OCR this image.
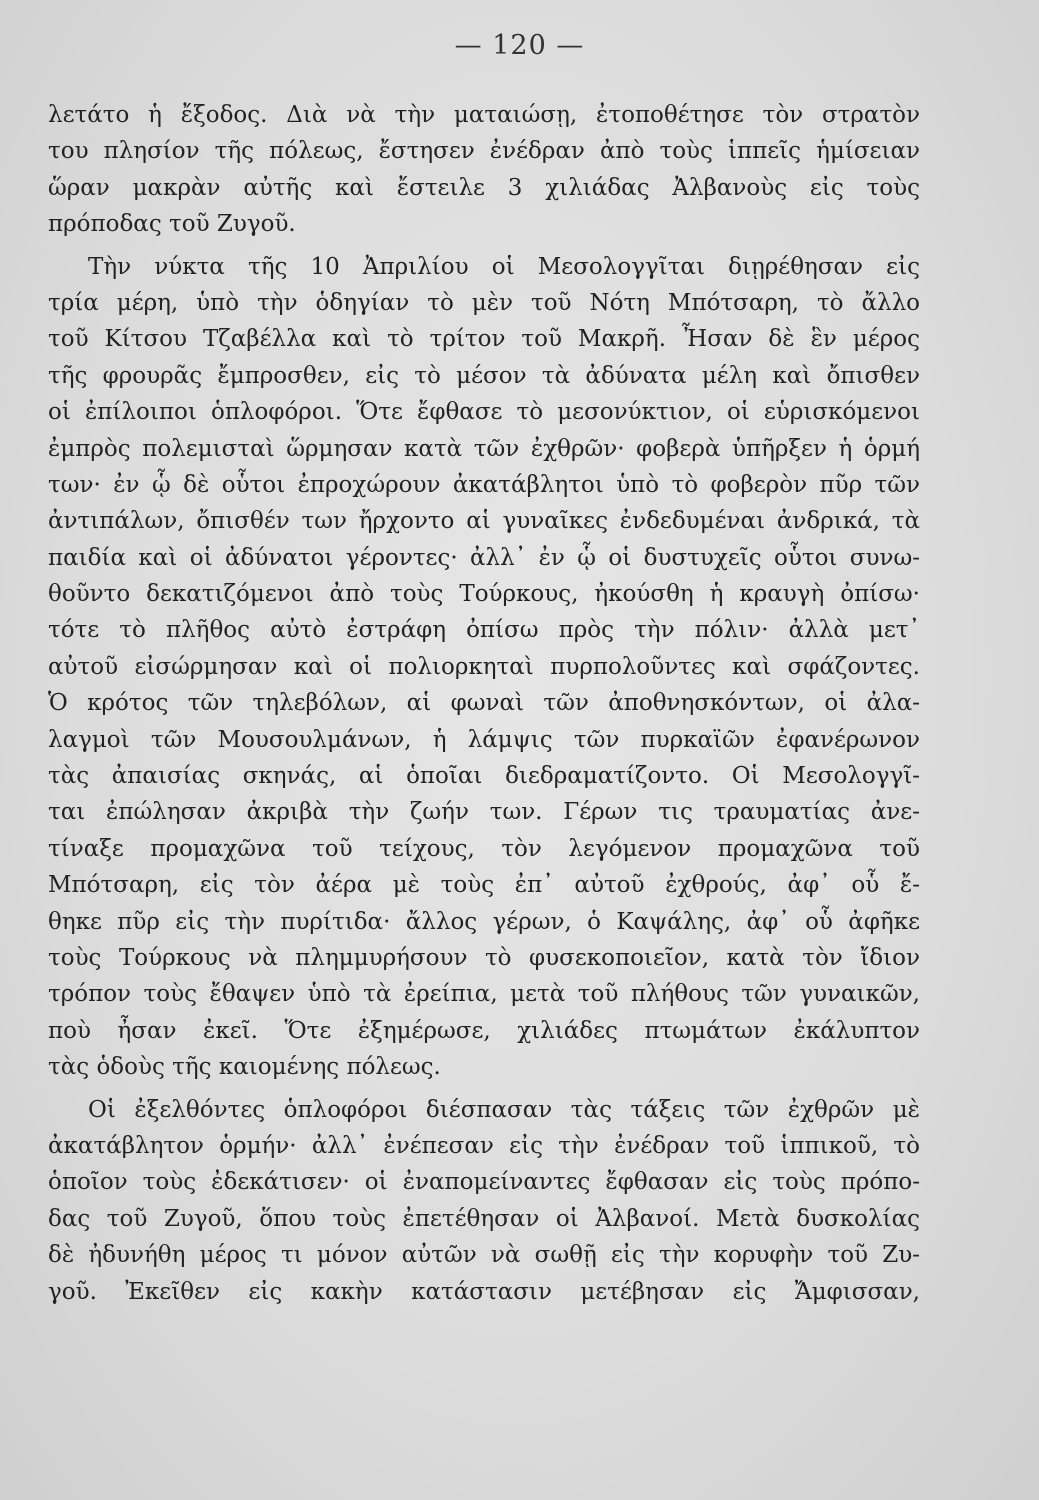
— 120 —
λετάτο ἡ ἔξοδος. Διὰ νὰ τὴν ματαιώσῃ, ἐτοποθέτησε τὸν στρατὸν
του πλησίον τῆς πόλεως, ἔστησεν ἐνέδραν ἀπὸ τοὺς ἱππεῖς ἡμίσειαν
ὥραν μακρὰν αὐτῆς καὶ ἔστειλε 3 χιλιάδας Ἀλβανοὺς εἰς τοὺς
πρόποδας τοῦ Ζυγοῦ.
Τὴν νύκτα τῆς 10 Ἀπριλίου οἱ Μεσολογγῖται διῃρέθησαν εἰς
τρία μέρη, ὑπὸ τὴν ὁδηγίαν τὸ μὲν τοῦ Νότη Μπότσαρη, τὸ ἄλλο
τοῦ Κίτσου Τζαβέλλα καὶ τὸ τρίτον τοῦ Μακρῆ. Ἦσαν δὲ ἓν μέρος
τῆς φρουρᾶς ἔμπροσθεν, εἰς τὸ μέσον τὰ ἀδύνατα μέλη καὶ ὄπισθεν
οἱ ἐπίλοιποι ὁπλοφόροι. Ὅτε ἔφθασε τὸ μεσονύκτιον, οἱ εὑρισκόμενοι
ἐμπρὸς πολεμισταὶ ὥρμησαν κατὰ τῶν ἐχθρῶν· φοβερὰ ὑπῆρξεν ἡ ὁρμή
των· ἐν ᾧ δὲ οὗτοι ἐπροχώρουν ἀκατάβλητοι ὑπὸ τὸ φοβερὸν πῦρ τῶν
ἀντιπάλων, ὄπισθέν των ἤρχοντο αἱ γυναῖκες ἐνδεδυμέναι ἀνδρικά, τὰ
παιδία καὶ οἱ ἀδύνατοι γέροντες· ἀλλ᾽ ἐν ᾧ οἱ δυστυχεῖς οὗτοι συνω-
θοῦντο δεκατιζόμενοι ἀπὸ τοὺς Τούρκους, ἠκούσθη ἡ κραυγὴ ὀπίσω·
τότε τὸ πλῆθος αὐτὸ ἐστράφη ὀπίσω πρὸς τὴν πόλιν· ἀλλὰ μετ᾽
αὐτοῦ εἰσώρμησαν καὶ οἱ πολιορκηταὶ πυρπολοῦντες καὶ σφάζοντες.
Ὁ κρότος τῶν τηλεβόλων, αἱ φωναὶ τῶν ἀποθνησκόντων, οἱ ἀλα-
λαγμοὶ τῶν Μουσουλμάνων, ἡ λάμψις τῶν πυρκαϊῶν ἐφανέρωνον
τὰς ἀπαισίας σκηνάς, αἱ ὁποῖαι διεδραματίζοντο. Οἱ Μεσολογγῖ-
ται ἐπώλησαν ἀκριβὰ τὴν ζωήν των. Γέρων τις τραυματίας ἀνε-
τίναξε προμαχῶνα τοῦ τείχους, τὸν λεγόμενον προμαχῶνα τοῦ
Μπότσαρη, εἰς τὸν ἀέρα μὲ τοὺς ἐπ᾽ αὐτοῦ ἐχθρούς, ἀφ᾽ οὗ ἔ-
θηκε πῦρ εἰς τὴν πυρίτιδα· ἄλλος γέρων, ὁ Καψάλης, ἀφ᾽ οὗ ἀφῆκε
τοὺς Τούρκους νὰ πλημμυρήσουν τὸ φυσεκοποιεῖον, κατὰ τὸν ἴδιον
τρόπον τοὺς ἔθαψεν ὑπὸ τὰ ἐρείπια, μετὰ τοῦ πλήθους τῶν γυναικῶν,
ποὺ ἦσαν ἐκεῖ. Ὅτε ἐξημέρωσε, χιλιάδες πτωμάτων ἐκάλυπτον
τὰς ὁδοὺς τῆς καιομένης πόλεως.
Οἱ ἐξελθόντες ὁπλοφόροι διέσπασαν τὰς τάξεις τῶν ἐχθρῶν μὲ
ἀκατάβλητον ὁρμήν· ἀλλ᾽ ἐνέπεσαν εἰς τὴν ἐνέδραν τοῦ ἱππικοῦ, τὸ
ὁποῖον τοὺς ἐδεκάτισεν· οἱ ἐναπομείναντες ἔφθασαν εἰς τοὺς πρόπο-
δας τοῦ Ζυγοῦ, ὅπου τοὺς ἐπετέθησαν οἱ Ἀλβανοί. Μετὰ δυσκολίας
δὲ ἠδυνήθη μέρος τι μόνον αὐτῶν νὰ σωθῇ εἰς τὴν κορυφὴν τοῦ Ζυ-
γοῦ. Ἐκεῖθεν εἰς κακὴν κατάστασιν μετέβησαν εἰς Ἄμφισσαν,
